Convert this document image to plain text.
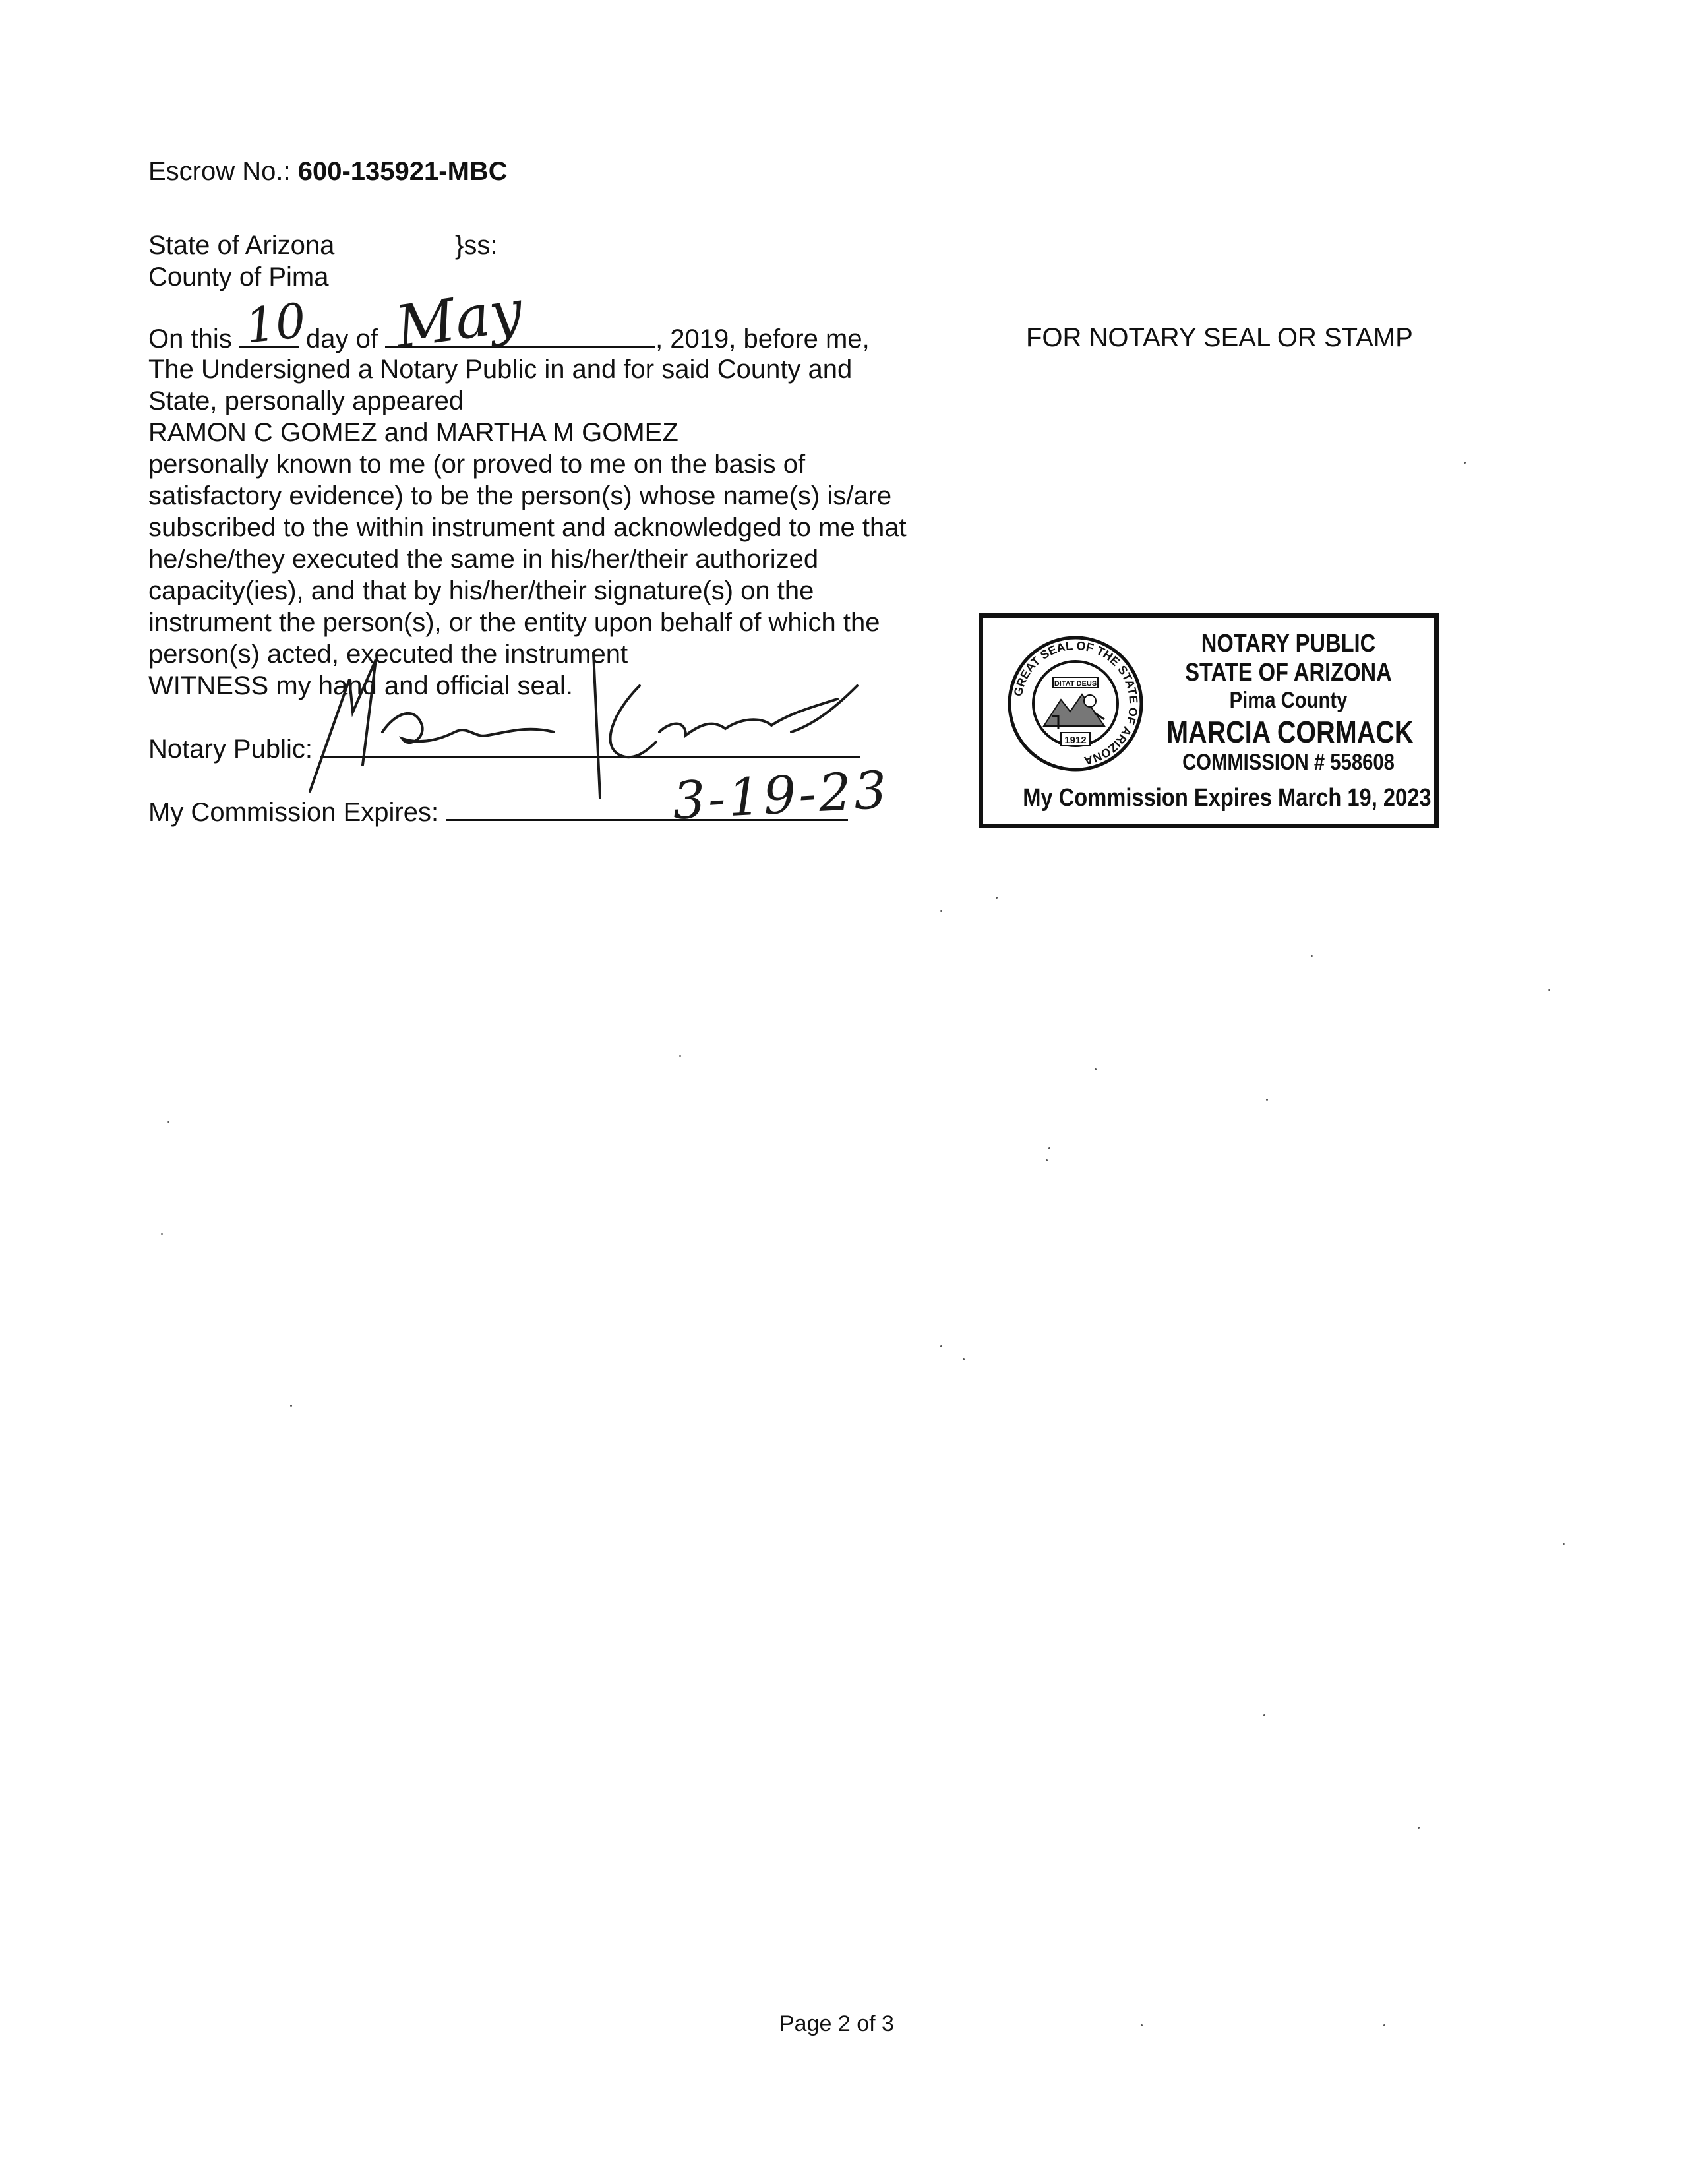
Escrow No.: 600-135921-MBC
State of Arizona	}ss:
County of Pima
On this	day of	, 2019, before me,
10 May
The Undersigned a Notary Public in and for said County and
State, personally appeared
RAMON C GOMEZ and MARTHA M GOMEZ
personally known to me (or proved to me on the basis of
satisfactory evidence) to be the person(s) whose name(s) is/are
subscribed to the within instrument and acknowledged to me that
he/she/they executed the same in his/her/their authorized
capacity(ies), and that by his/her/their signature(s) on the
instrument the person(s), or the entity upon behalf of which the
person(s) acted, executed the instrument
WITNESS my hand and official seal.
Notary Public:
My Commission Expires:	3-19-23
FOR NOTARY SEAL OR STAMP
GREAT SEAL OF THE STATE OF ARIZONA
DITAT DEUS
1912
NOTARY PUBLIC
STATE OF ARIZONA
Pima County
MARCIA CORMACK
COMMISSION # 558608
My Commission Expires March 19, 2023
Page 2 of 3
